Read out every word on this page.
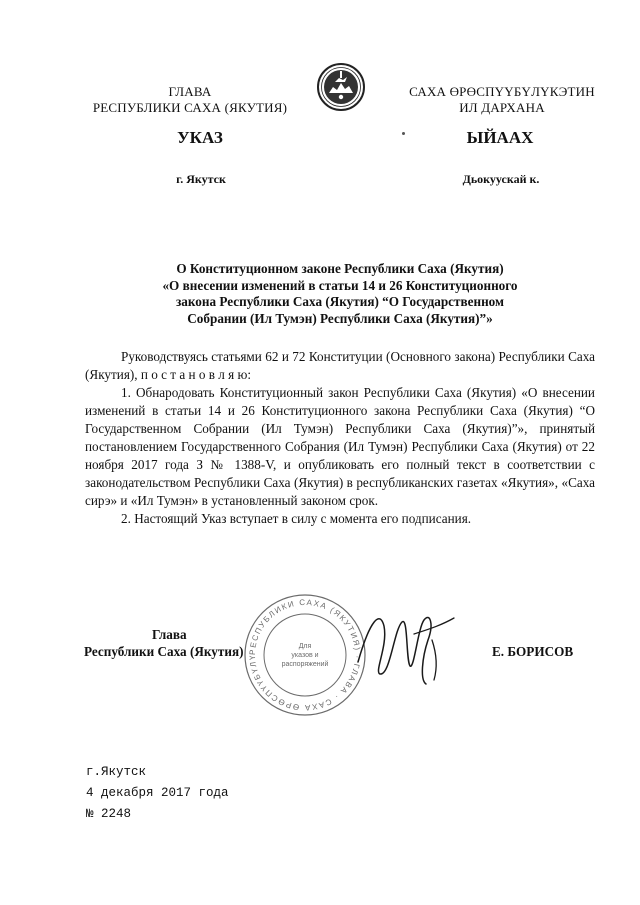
ГЛАВА
РЕСПУБЛИКИ САХА (ЯКУТИЯ)
САХА ӨРӨСПҮҮБҮЛҮКЭТИН
ИЛ ДАРХАНА
УКАЗ	ЫЙААХ
г. Якутск	Дьокуускай к.
О Конституционном законе Республики Саха (Якутия)
«О внесении изменений в статьи 14 и 26 Конституционного
закона Республики Саха (Якутия) “О Государственном
Собрании (Ил Тумэн) Республики Саха (Якутия)”»

Руководствуясь статьями 62 и 72 Конституции (Основного закона) Республики Саха (Якутия), п о с т а н о в л я ю:

1. Обнародовать Конституционный закон Республики Саха (Якутия) «О внесении изменений в статьи 14 и 26 Конституционного закона Республики Саха (Якутия) “О Государственном Собрании (Ил Тумэн) Республики Саха (Якутия)”», принятый постановлением Государственного Собрания (Ил Тумэн) Республики Саха (Якутия) от 22 ноября 2017 года З № 1388-V, и опубликовать его полный текст в соответствии с законодательством Республики Саха (Якутия) в республиканских газетах «Якутия», «Саха сирэ» и «Ил Тумэн» в установленный законом срок.

2. Настоящий Указ вступает в силу с момента его подписания.

Глава
Республики Саха (Якутия) РЕСПУБЛИКИ САХА (ЯКУТИЯ) · ГЛАВА · САХА ӨРӨСПҮҮБҮЛҮ
Для
указов и
распоряжений
Е. БОРИСОВ
г.Якутск
4 декабря 2017 года
№ 2248
